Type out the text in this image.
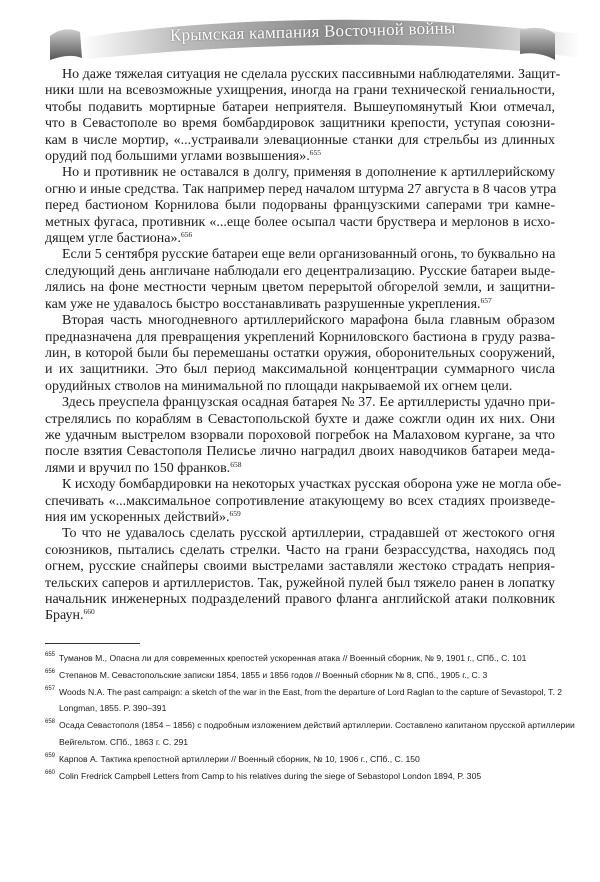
Крымская кампания Восточной войны
Но даже тяжелая ситуация не сделала русских пассивными наблюдателями. Защит-
ники шли на всевозможные ухищрения, иногда на грани технической гениальности,
чтобы подавить мортирные батареи неприятеля. Вышеупомянутый Кюи отмечал,
что в Севастополе во время бомбардировок защитники крепости, уступая союзни-
кам в числе мортир, «...устраивали элевационные станки для стрельбы из длинных
орудий под большими углами возвышения».$^{655}$
Но и противник не оставался в долгу, применяя в дополнение к артиллерийскому
огню и иные средства. Так например перед началом штурма 27 августа в 8 часов утра
перед бастионом Корнилова были подорваны французскими саперами три камне-
метных фугаса, противник «...еще более осыпал части бруствера и мерлонов в исхо-
дящем угле бастиона».$^{656}$
Если 5 сентября русские батареи еще вели организованный огонь, то буквально на
следующий день англичане наблюдали его децентрализацию. Русские батареи выде-
лялись на фоне местности черным цветом перерытой обгорелой земли, и защитни-
кам уже не удавалось быстро восстанавливать разрушенные укрепления.$^{657}$
Вторая часть многодневного артиллерийского марафона была главным образом
предназначена для превращения укреплений Корниловского бастиона в груду разва-
лин, в которой были бы перемешаны остатки оружия, оборонительных сооружений,
и их защитники. Это был период максимальной концентрации суммарного числа
орудийных стволов на минимальной по площади накрываемой их огнем цели.
Здесь преуспела французская осадная батарея № 37. Ее артиллеристы удачно при-
стрелялись по кораблям в Севастопольской бухте и даже сожгли один их них. Они
же удачным выстрелом взорвали пороховой погребок на Малаховом кургане, за что
после взятия Севастополя Пелисье лично наградил двоих наводчиков батареи меда-
лями и вручил по 150 франков.$^{658}$
К исходу бомбардировки на некоторых участках русская оборона уже не могла обе-
спечивать «...максимальное сопротивление атакующему во всех стадиях произведе-
ния им ускоренных действий».$^{659}$
То что не удавалось сделать русской артиллерии, страдавшей от жестокого огня
союзников, пытались сделать стрелки. Часто на грани безрассудства, находясь под
огнем, русские снайперы своими выстрелами заставляли жестоко страдать неприя-
тельских саперов и артиллеристов. Так, ружейной пулей был тяжело ранен в лопатку
начальник инженерных подразделений правого фланга английской атаки полковник
Браун.$^{660}$
655 Туманов М., Опасна ли для современных крепостей ускоренная атака // Военный сборник, № 9, 1901 г., СПб., С. 101
656 Степанов М. Севастопольские записки 1854, 1855 и 1856 годов // Военный сборник № 8, СПб., 1905 г., С. 3
657 Woods N.A. The past campaign: a sketch of the war in the East, from the departure of Lord Raglan to the capture of Sevastopol, T. 2
Longman, 1855. P. 390–391
658 Осада Севастополя (1854 – 1856) с подробным изложением действий артиллерии. Составлено капитаном прусской артиллерии
Вейгельтом. СПб., 1863 г. С. 291
659 Карпов А. Тактика крепостной артиллерии // Военный сборник, № 10, 1906 г., СПб., С. 150
660 Colin Fredrick Campbell Letters from Camp to his relatives during the siege of Sebastopol London 1894, P. 305
